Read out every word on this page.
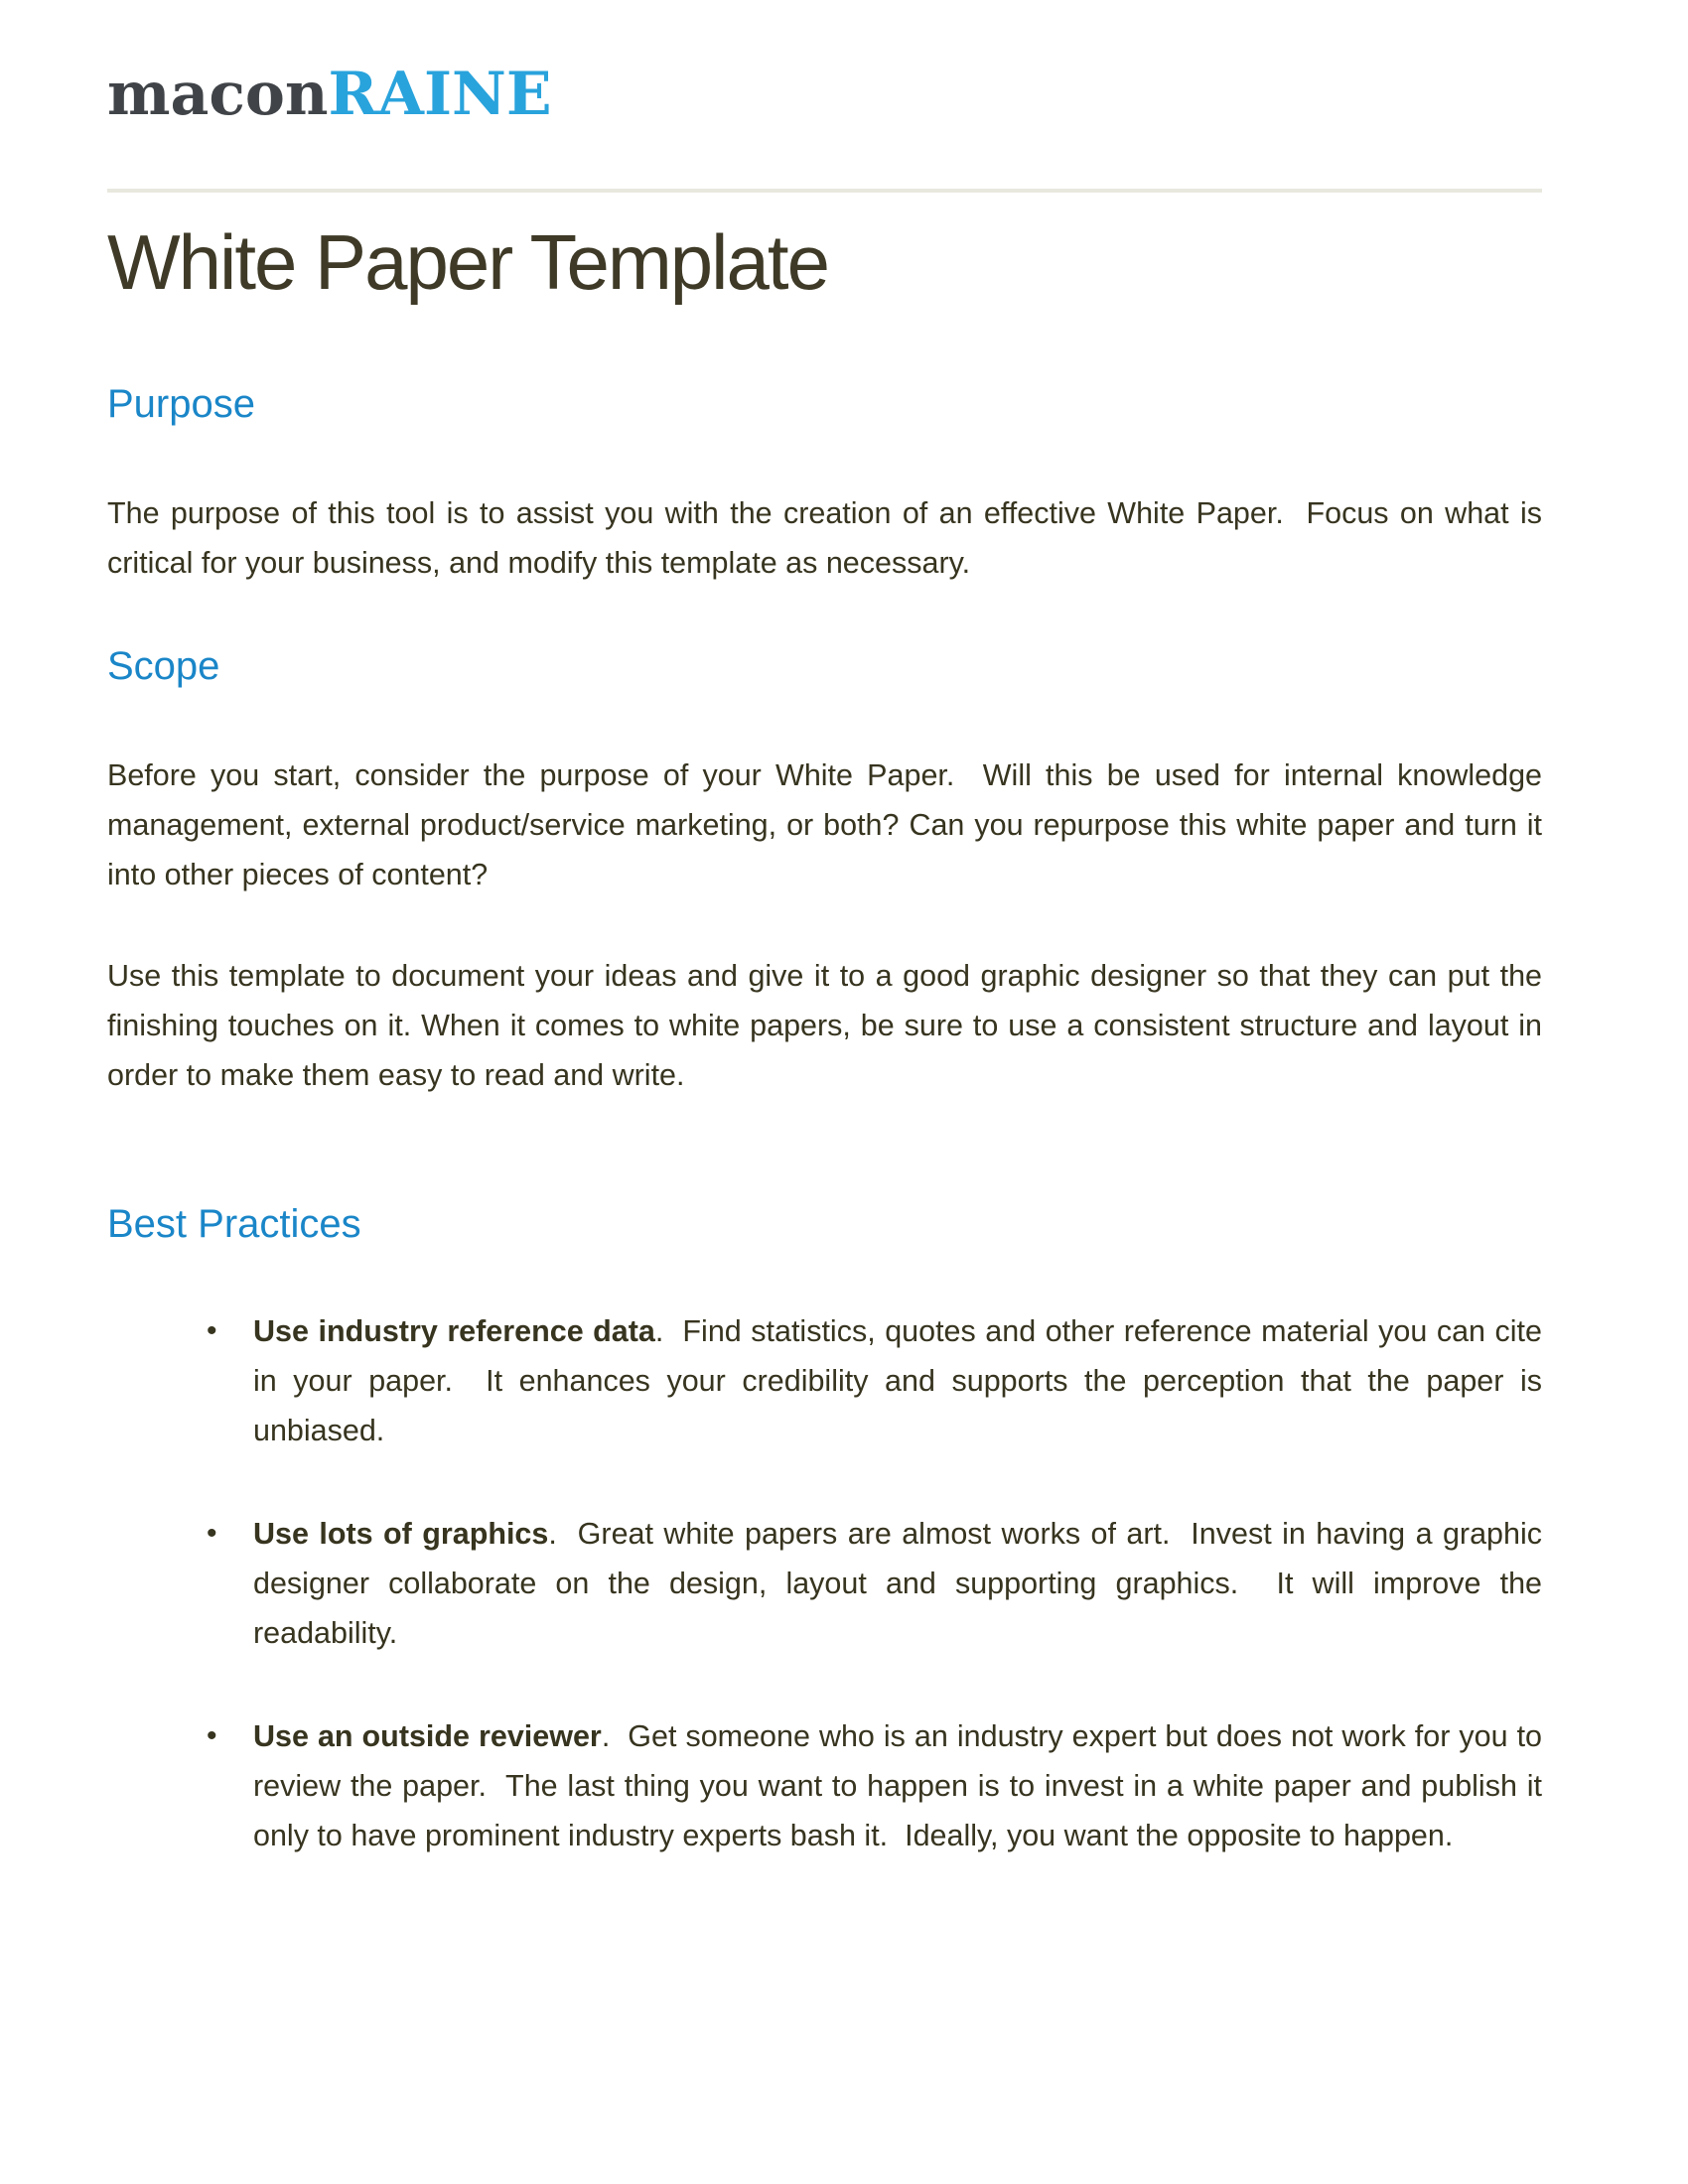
maconRAINE
White Paper Template
Purpose

The purpose of this tool is to assist you with the creation of an effective White Paper.  Focus on what is critical for your business, and modify this template as necessary.

Scope

Before you start, consider the purpose of your White Paper.  Will this be used for internal knowledge management, external product/service marketing, or both? Can you repurpose this white paper and turn it into other pieces of content?

Use this template to document your ideas and give it to a good graphic designer so that they can put the finishing touches on it. When it comes to white papers, be sure to use a consistent structure and layout in order to make them easy to read and write.

Best Practices
• Use industry reference data.  Find statistics, quotes and other reference material you can cite in your paper.  It enhances your credibility and supports the perception that the paper is unbiased.
• Use lots of graphics.  Great white papers are almost works of art.  Invest in having a graphic designer collaborate on the design, layout and supporting graphics.  It will improve the readability.
• Use an outside reviewer.  Get someone who is an industry expert but does not work for you to review the paper.  The last thing you want to happen is to invest in a white paper and publish it only to have prominent industry experts bash it.  Ideally, you want the opposite to happen.
